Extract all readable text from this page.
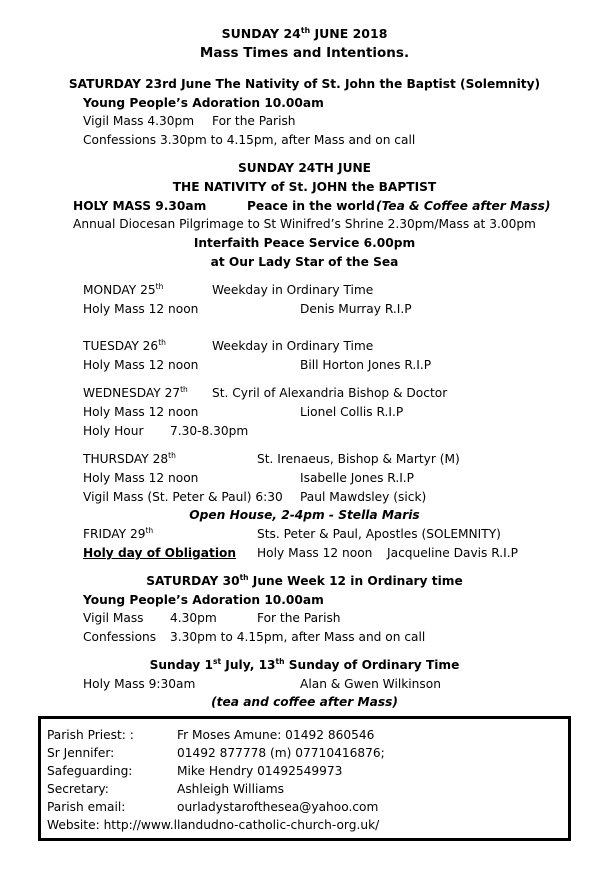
SUNDAY 24th JUNE 2018
Mass Times and Intentions.
SATURDAY 23rd June The Nativity of St. John the Baptist (Solemnity)
Young People’s Adoration 10.00am
Vigil Mass 4.30pm For the Parish
Confessions 3.30pm to 4.15pm, after Mass and on call
SUNDAY 24TH JUNE
THE NATIVITY of St. JOHN the BAPTIST
HOLY MASS 9.30am	Peace in the world (Tea & Coffee after Mass)
Annual Diocesan Pilgrimage to St Winifred’s Shrine 2.30pm/Mass at 3.00pm
Interfaith Peace Service 6.00pm
at Our Lady Star of the Sea
MONDAY 25th	Weekday in Ordinary Time
Holy Mass 12 noon	Denis Murray R.I.P
TUESDAY 26th	Weekday in Ordinary Time
Holy Mass 12 noon	Bill Horton Jones R.I.P
WEDNESDAY 27th St. Cyril of Alexandria Bishop & Doctor
Holy Mass 12 noon	Lionel Collis R.I.P
Holy Hour 7.30-8.30pm
THURSDAY 28th	St. Irenaeus, Bishop & Martyr (M)
Holy Mass 12 noon	Isabelle Jones R.I.P
Vigil Mass (St. Peter & Paul) 6:30 Paul Mawdsley (sick)
Open House, 2-4pm - Stella Maris
FRIDAY 29th	Sts. Peter & Paul, Apostles (SOLEMNITY)
Holy day of Obligation Holy Mass 12 noon Jacqueline Davis R.I.P
SATURDAY 30th June Week 12 in Ordinary time
Young People’s Adoration 10.00am
Vigil Mass 4.30pm	For the Parish
Confessions 3.30pm to 4.15pm, after Mass and on call
Sunday 1st July, 13th Sunday of Ordinary Time
Holy Mass 9:30am	Alan & Gwen Wilkinson
(tea and coffee after Mass)
Parish Priest: :	Fr Moses Amune: 01492 860546
Sr Jennifer:	01492 877778 (m) 07710416876;
Safeguarding:	Mike Hendry 01492549973
Secretary:	Ashleigh Williams
Parish email:	ourladystaroftheseа@yahoo.com
Website: http://www.llandudno-catholic-church-org.uk/
